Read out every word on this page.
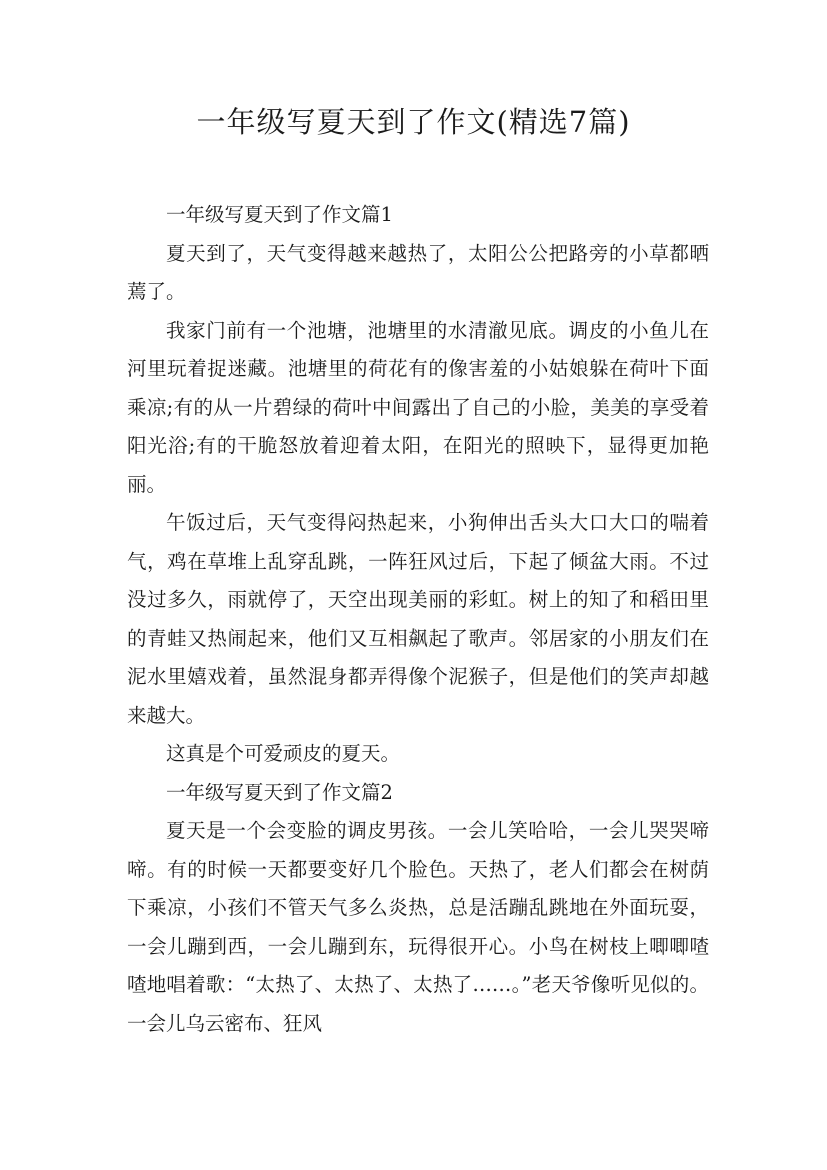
一年级写夏天到了作文(精选7篇)

一年级写夏天到了作文篇1

夏天到了，天气变得越来越热了，太阳公公把路旁的小草都晒蔫了。

我家门前有一个池塘，池塘里的水清澈见底。调皮的小鱼儿在河里玩着捉迷藏。池塘里的荷花有的像害羞的小姑娘躲在荷叶下面乘凉;有的从一片碧绿的荷叶中间露出了自己的小脸，美美的享受着阳光浴;有的干脆怒放着迎着太阳，在阳光的照映下，显得更加艳丽。

午饭过后，天气变得闷热起来，小狗伸出舌头大口大口的喘着气，鸡在草堆上乱穿乱跳，一阵狂风过后，下起了倾盆大雨。不过没过多久，雨就停了，天空出现美丽的彩虹。树上的知了和稻田里的青蛙又热闹起来，他们又互相飙起了歌声。邻居家的小朋友们在泥水里嬉戏着，虽然混身都弄得像个泥猴子，但是他们的笑声却越来越大。

这真是个可爱顽皮的夏天。

一年级写夏天到了作文篇2

夏天是一个会变脸的调皮男孩。一会儿笑哈哈，一会儿哭哭啼啼。有的时候一天都要变好几个脸色。天热了，老人们都会在树荫下乘凉，小孩们不管天气多么炎热，总是活蹦乱跳地在外面玩耍，一会儿蹦到西，一会儿蹦到东，玩得很开心。小鸟在树枝上唧唧喳喳地唱着歌：“太热了、太热了、太热了……。”老天爷像听见似的。一会儿乌云密布、狂风
